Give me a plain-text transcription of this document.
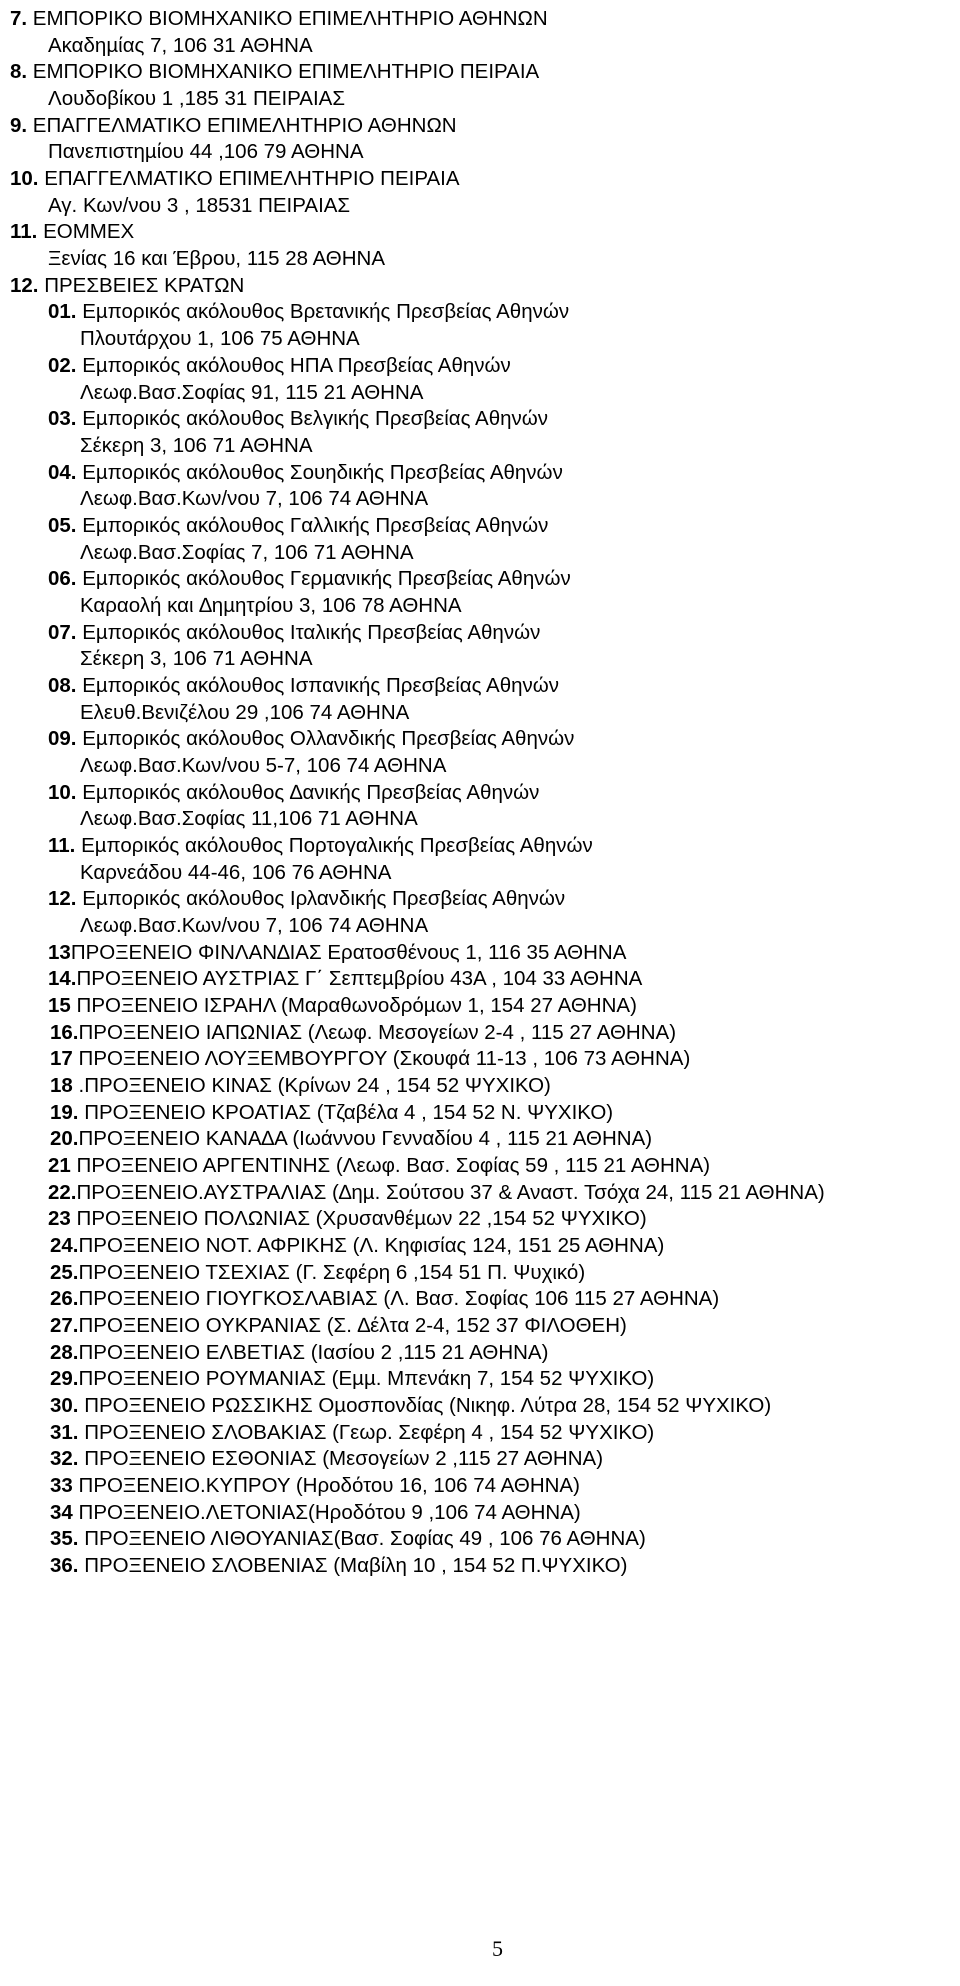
7. ΕΜΠΟΡΙΚΟ ΒΙΟΜΗΧΑΝΙΚΟ ΕΠΙΜΕΛΗΤΗΡΙΟ ΑΘΗΝΩΝ
Ακαδηµίας 7, 106 31 ΑΘΗΝΑ
8. ΕΜΠΟΡΙΚΟ ΒΙΟΜΗΧΑΝΙΚΟ ΕΠΙΜΕΛΗΤΗΡΙΟ ΠΕΙΡΑΙΑ
Λουδοβίκου 1 ,185 31 ΠΕΙΡΑΙΑΣ
9. ΕΠΑΓΓΕΛΜΑΤΙΚΟ ΕΠΙΜΕΛΗΤΗΡΙΟ ΑΘΗΝΩΝ
Πανεπιστηµίου 44 ,106 79 ΑΘΗΝΑ
10. ΕΠΑΓΓΕΛΜΑΤΙΚΟ ΕΠΙΜΕΛΗΤΗΡΙΟ ΠΕΙΡΑΙΑ
Αγ. Κων/νου 3 , 18531 ΠΕΙΡΑΙΑΣ
11. ΕΟΜΜΕΧ
Ξενίας 16 και Έβρου, 115 28 ΑΘΗΝΑ
12. ΠΡΕΣΒΕΙΕΣ ΚΡΑΤΩΝ
01. Εµπορικός ακόλουθος Βρετανικής Πρεσβείας Αθηνών
Πλουτάρχου 1, 106 75 ΑΘΗΝΑ
02. Εµπορικός ακόλουθος ΗΠΑ Πρεσβείας Αθηνών
Λεωφ.Βασ.Σοφίας 91, 115 21 ΑΘΗΝΑ
03. Εµπορικός ακόλουθος Βελγικής Πρεσβείας Αθηνών
Σέκερη 3, 106 71 ΑΘΗΝΑ
04. Εµπορικός ακόλουθος Σουηδικής Πρεσβείας Αθηνών
Λεωφ.Βασ.Κων/νου 7, 106 74 ΑΘΗΝΑ
05. Εµπορικός ακόλουθος Γαλλικής Πρεσβείας Αθηνών
Λεωφ.Βασ.Σοφίας 7, 106 71 ΑΘΗΝΑ
06. Εµπορικός ακόλουθος Γερµανικής Πρεσβείας Αθηνών
Καραολή και ∆ηµητρίου 3, 106 78 ΑΘΗΝΑ
07. Εµπορικός ακόλουθος Ιταλικής Πρεσβείας Αθηνών
Σέκερη 3, 106 71 ΑΘΗΝΑ
08. Εµπορικός ακόλουθος Ισπανικής Πρεσβείας Αθηνών
Ελευθ.Βενιζέλου 29 ,106 74 ΑΘΗΝΑ
09. Εµπορικός ακόλουθος Ολλανδικής Πρεσβείας Αθηνών
Λεωφ.Βασ.Κων/νου 5-7, 106 74 ΑΘΗΝΑ
10. Εµπορικός ακόλουθος ∆ανικής Πρεσβείας Αθηνών
Λεωφ.Βασ.Σοφίας 11,106 71 ΑΘΗΝΑ
11. Εµπορικός ακόλουθος Πορτογαλικής Πρεσβείας Αθηνών
Καρνεάδου 44-46, 106 76 ΑΘΗΝΑ
12. Εµπορικός ακόλουθος Ιρλανδικής Πρεσβείας Αθηνών
Λεωφ.Βασ.Κων/νου 7, 106 74 ΑΘΗΝΑ
13ΠΡΟΞΕΝΕΙΟ ΦΙΝΛΑΝ∆ΙΑΣ Ερατοσθένους 1, 116 35 ΑΘΗΝΑ
14.ΠΡΟΞΕΝΕΙΟ ΑΥΣΤΡΙΑΣ Γ΄ Σεπτεµβρίου 43Α , 104 33 ΑΘΗΝΑ
15 ΠΡΟΞΕΝΕΙΟ ΙΣΡΑΗΛ (Μαραθωνοδρόµων 1, 154 27 ΑΘΗΝΑ)
16.ΠΡΟΞΕΝΕΙΟ ΙΑΠΩΝΙΑΣ (Λεωφ. Μεσογείων 2-4 , 115 27 ΑΘΗΝΑ)
17 ΠΡΟΞΕΝΕΙΟ ΛΟΥΞΕΜΒΟΥΡΓΟΥ (Σκουφά 11-13 , 106 73 ΑΘΗΝΑ)
18 .ΠΡΟΞΕΝΕΙΟ ΚΙΝΑΣ (Κρίνων 24 , 154 52 ΨΥΧΙΚΟ)
19. ΠΡΟΞΕΝΕΙΟ ΚΡΟΑΤΙΑΣ (Τζαβέλα 4 , 154 52 Ν. ΨΥΧΙΚΟ)
20.ΠΡΟΞΕΝΕΙΟ ΚΑΝΑ∆Α (Ιωάννου Γενναδίου 4 , 115 21 ΑΘΗΝΑ)
21 ΠΡΟΞΕΝΕΙΟ ΑΡΓΕΝΤΙΝΗΣ (Λεωφ. Βασ. Σοφίας 59 , 115 21 ΑΘΗΝΑ)
22.ΠΡΟΞΕΝΕΙΟ.ΑΥΣΤΡΑΛΙΑΣ (∆ηµ. Σούτσου 37 & Αναστ. Τσόχα 24, 115 21 ΑΘΗΝΑ)
23 ΠΡΟΞΕΝΕΙΟ ΠΟΛΩΝΙΑΣ (Χρυσανθέµων 22 ,154 52 ΨΥΧΙΚΟ)
24.ΠΡΟΞΕΝΕΙΟ ΝΟΤ. ΑΦΡΙΚΗΣ (Λ. Κηφισίας 124, 151 25 ΑΘΗΝΑ)
25.ΠΡΟΞΕΝΕΙΟ ΤΣΕΧΙΑΣ (Γ. Σεφέρη 6 ,154 51 Π. Ψυχικό)
26.ΠΡΟΞΕΝΕΙΟ ΓΙΟΥΓΚΟΣΛΑΒΙΑΣ (Λ. Βασ. Σοφίας 106 115 27 ΑΘΗΝΑ)
27.ΠΡΟΞΕΝΕΙΟ ΟΥΚΡΑΝΙΑΣ (Σ. ∆έλτα 2-4, 152 37 ΦΙΛΟΘΕΗ)
28.ΠΡΟΞΕΝΕΙΟ ΕΛΒΕΤΙΑΣ (Ιασίου 2 ,115 21 ΑΘΗΝΑ)
29.ΠΡΟΞΕΝΕΙΟ ΡΟΥΜΑΝΙΑΣ (Εµµ. Μπενάκη 7, 154 52 ΨΥΧΙΚΟ)
30. ΠΡΟΞΕΝΕΙΟ ΡΩΣΣΙΚΗΣ Οµοσπονδίας (Νικηφ. Λύτρα 28, 154 52 ΨΥΧΙΚΟ)
31. ΠΡΟΞΕΝΕΙΟ ΣΛΟΒΑΚΙΑΣ (Γεωρ. Σεφέρη 4 , 154 52 ΨΥΧΙΚΟ)
32. ΠΡΟΞΕΝΕΙΟ ΕΣΘΟΝΙΑΣ (Μεσογείων 2 ,115 27 ΑΘΗΝΑ)
33 ΠΡΟΞΕΝΕΙΟ.ΚΥΠΡΟΥ (Ηροδότου 16, 106 74 ΑΘΗΝΑ)
34 ΠΡΟΞΕΝΕΙΟ.ΛΕΤΟΝΙΑΣ(Ηροδότου 9 ,106 74 ΑΘΗΝΑ)
35. ΠΡΟΞΕΝΕΙΟ ΛΙΘΟΥΑΝΙΑΣ(Βασ. Σοφίας 49 , 106 76 ΑΘΗΝΑ)
36. ΠΡΟΞΕΝΕΙΟ ΣΛΟΒΕΝΙΑΣ (Μαβίλη 10 , 154 52 Π.ΨΥΧΙΚΟ)
5
